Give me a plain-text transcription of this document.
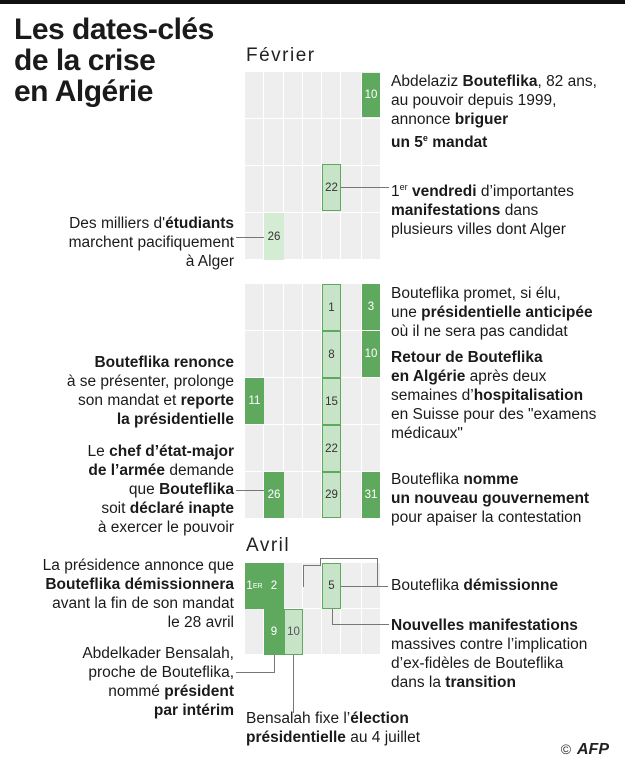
Les dates-clés
de la crise
en Algérie
Février
Avril
10
22
26
1
8
15
22
29
3
10
11
26	31
1 ER 2	5
9 10
Abdelaziz Bouteflika, 82 ans,
au pouvoir depuis 1999,
annonce briguer
un 5e mandat
1er vendredi d’importantes
manifestations dans
plusieurs villes dont Alger
Des milliers d'étudiants
marchent pacifiquement
à Alger
Bouteflika promet, si élu,
une présidentielle anticipée
où il ne sera pas candidat
Retour de Bouteflika
en Algérie après deux
semaines d’hospitalisation
en Suisse pour des "examens
médicaux"
Bouteflika renonce
à se présenter, prolonge
son mandat et reporte
la présidentielle
Le chef d’état-major
de l’armée demande
que Bouteflika
soit déclaré inapte
à exercer le pouvoir
Bouteflika nomme
un nouveau gouvernement
pour apaiser la contestation
La présidence annonce que
Bouteflika démissionnera
avant la fin de son mandat
le 28 avril
Bouteflika démissionne
Nouvelles manifestations
massives contre l’implication
d’ex-fidèles de Bouteflika
dans la transition
Abdelkader Bensalah,
proche de Bouteflika,
nommé président
par intérim Bensalah fixe l’élection
présidentielle au 4 juillet
© AFP
